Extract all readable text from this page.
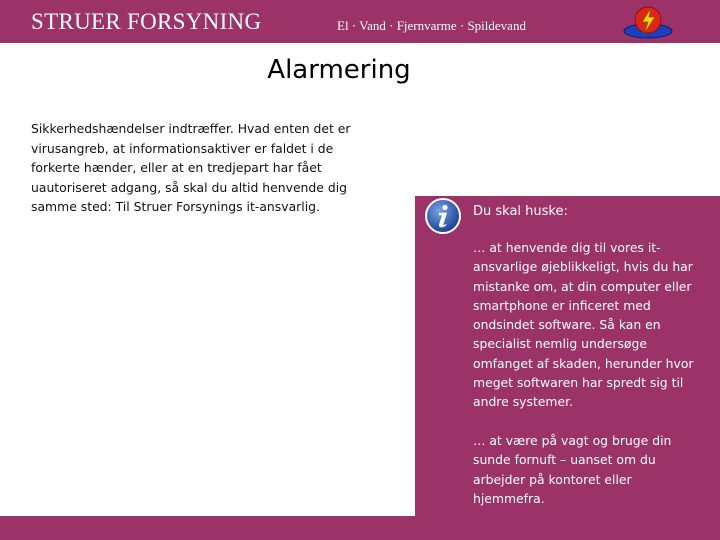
STRUER FORSYNING	El · Vand · Fjernvarme · Spildevand
Alarmering
Sikkerhedshændelser indtræffer. Hvad enten det er virusangreb, at informationsaktiver er faldet i de forkerte hænder, eller at en tredjepart har fået uautoriseret adgang, så skal du altid henvende dig samme sted: Til Struer Forsynings it-ansvarlig.	Du skal huske:
… at henvende dig til vores it-ansvarlige øjeblikkeligt, hvis du har mistanke om, at din computer eller smartphone er inficeret med ondsindet software. Så kan en specialist nemlig undersøge omfanget af skaden, herunder hvor meget softwaren har spredt sig til andre systemer.
… at være på vagt og bruge din sunde fornuft – uanset om du arbejder på kontoret eller hjemmefra.
